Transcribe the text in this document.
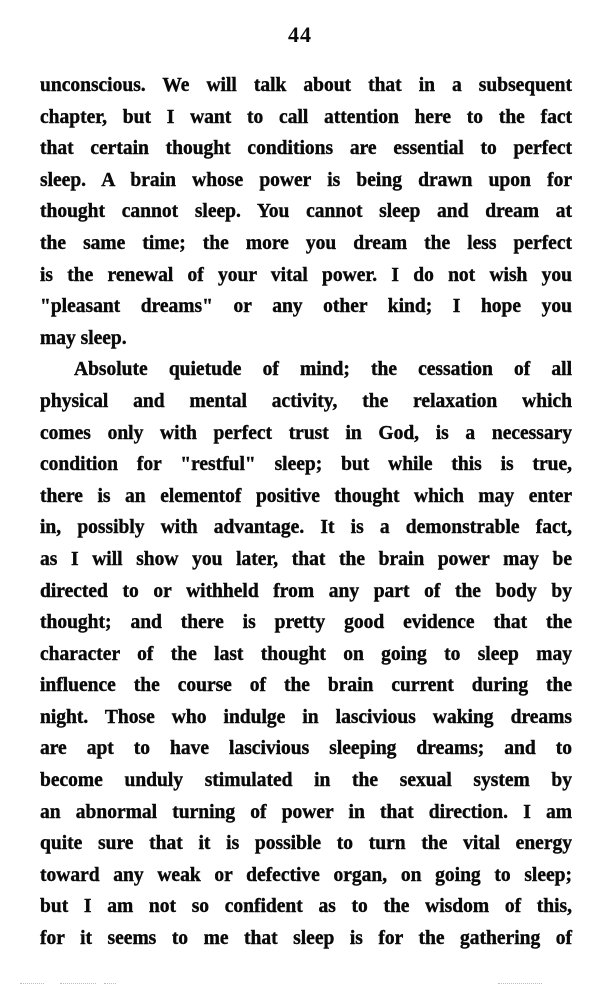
44
unconscious. We will talk about that in a subsequent
chapter, but I want to call attention here to the fact
that certain thought conditions are essential to perfect
sleep. A brain whose power is being drawn upon for
thought cannot sleep. You cannot sleep and dream at
the same time; the more you dream the less perfect
is the renewal of your vital power. I do not wish you
"pleasant dreams" or any other kind; I hope you
may sleep.
Absolute quietude of mind; the cessation of all
physical and mental activity, the relaxation which
comes only with perfect trust in God, is a necessary
condition for "restful" sleep; but while this is true,
there is an elementof positive thought which may enter
in, possibly with advantage. It is a demonstrable fact,
as I will show you later, that the brain power may be
directed to or withheld from any part of the body by
thought; and there is pretty good evidence that the
character of the last thought on going to sleep may
influence the course of the brain current during the
night. Those who indulge in lascivious waking dreams
are apt to have lascivious sleeping dreams; and to
become unduly stimulated in the sexual system by
an abnormal turning of power in that direction. I am
quite sure that it is possible to turn the vital energy
toward any weak or defective organ, on going to sleep;
but I am not so confident as to the wisdom of this,
for it seems to me that sleep is for the gathering of
